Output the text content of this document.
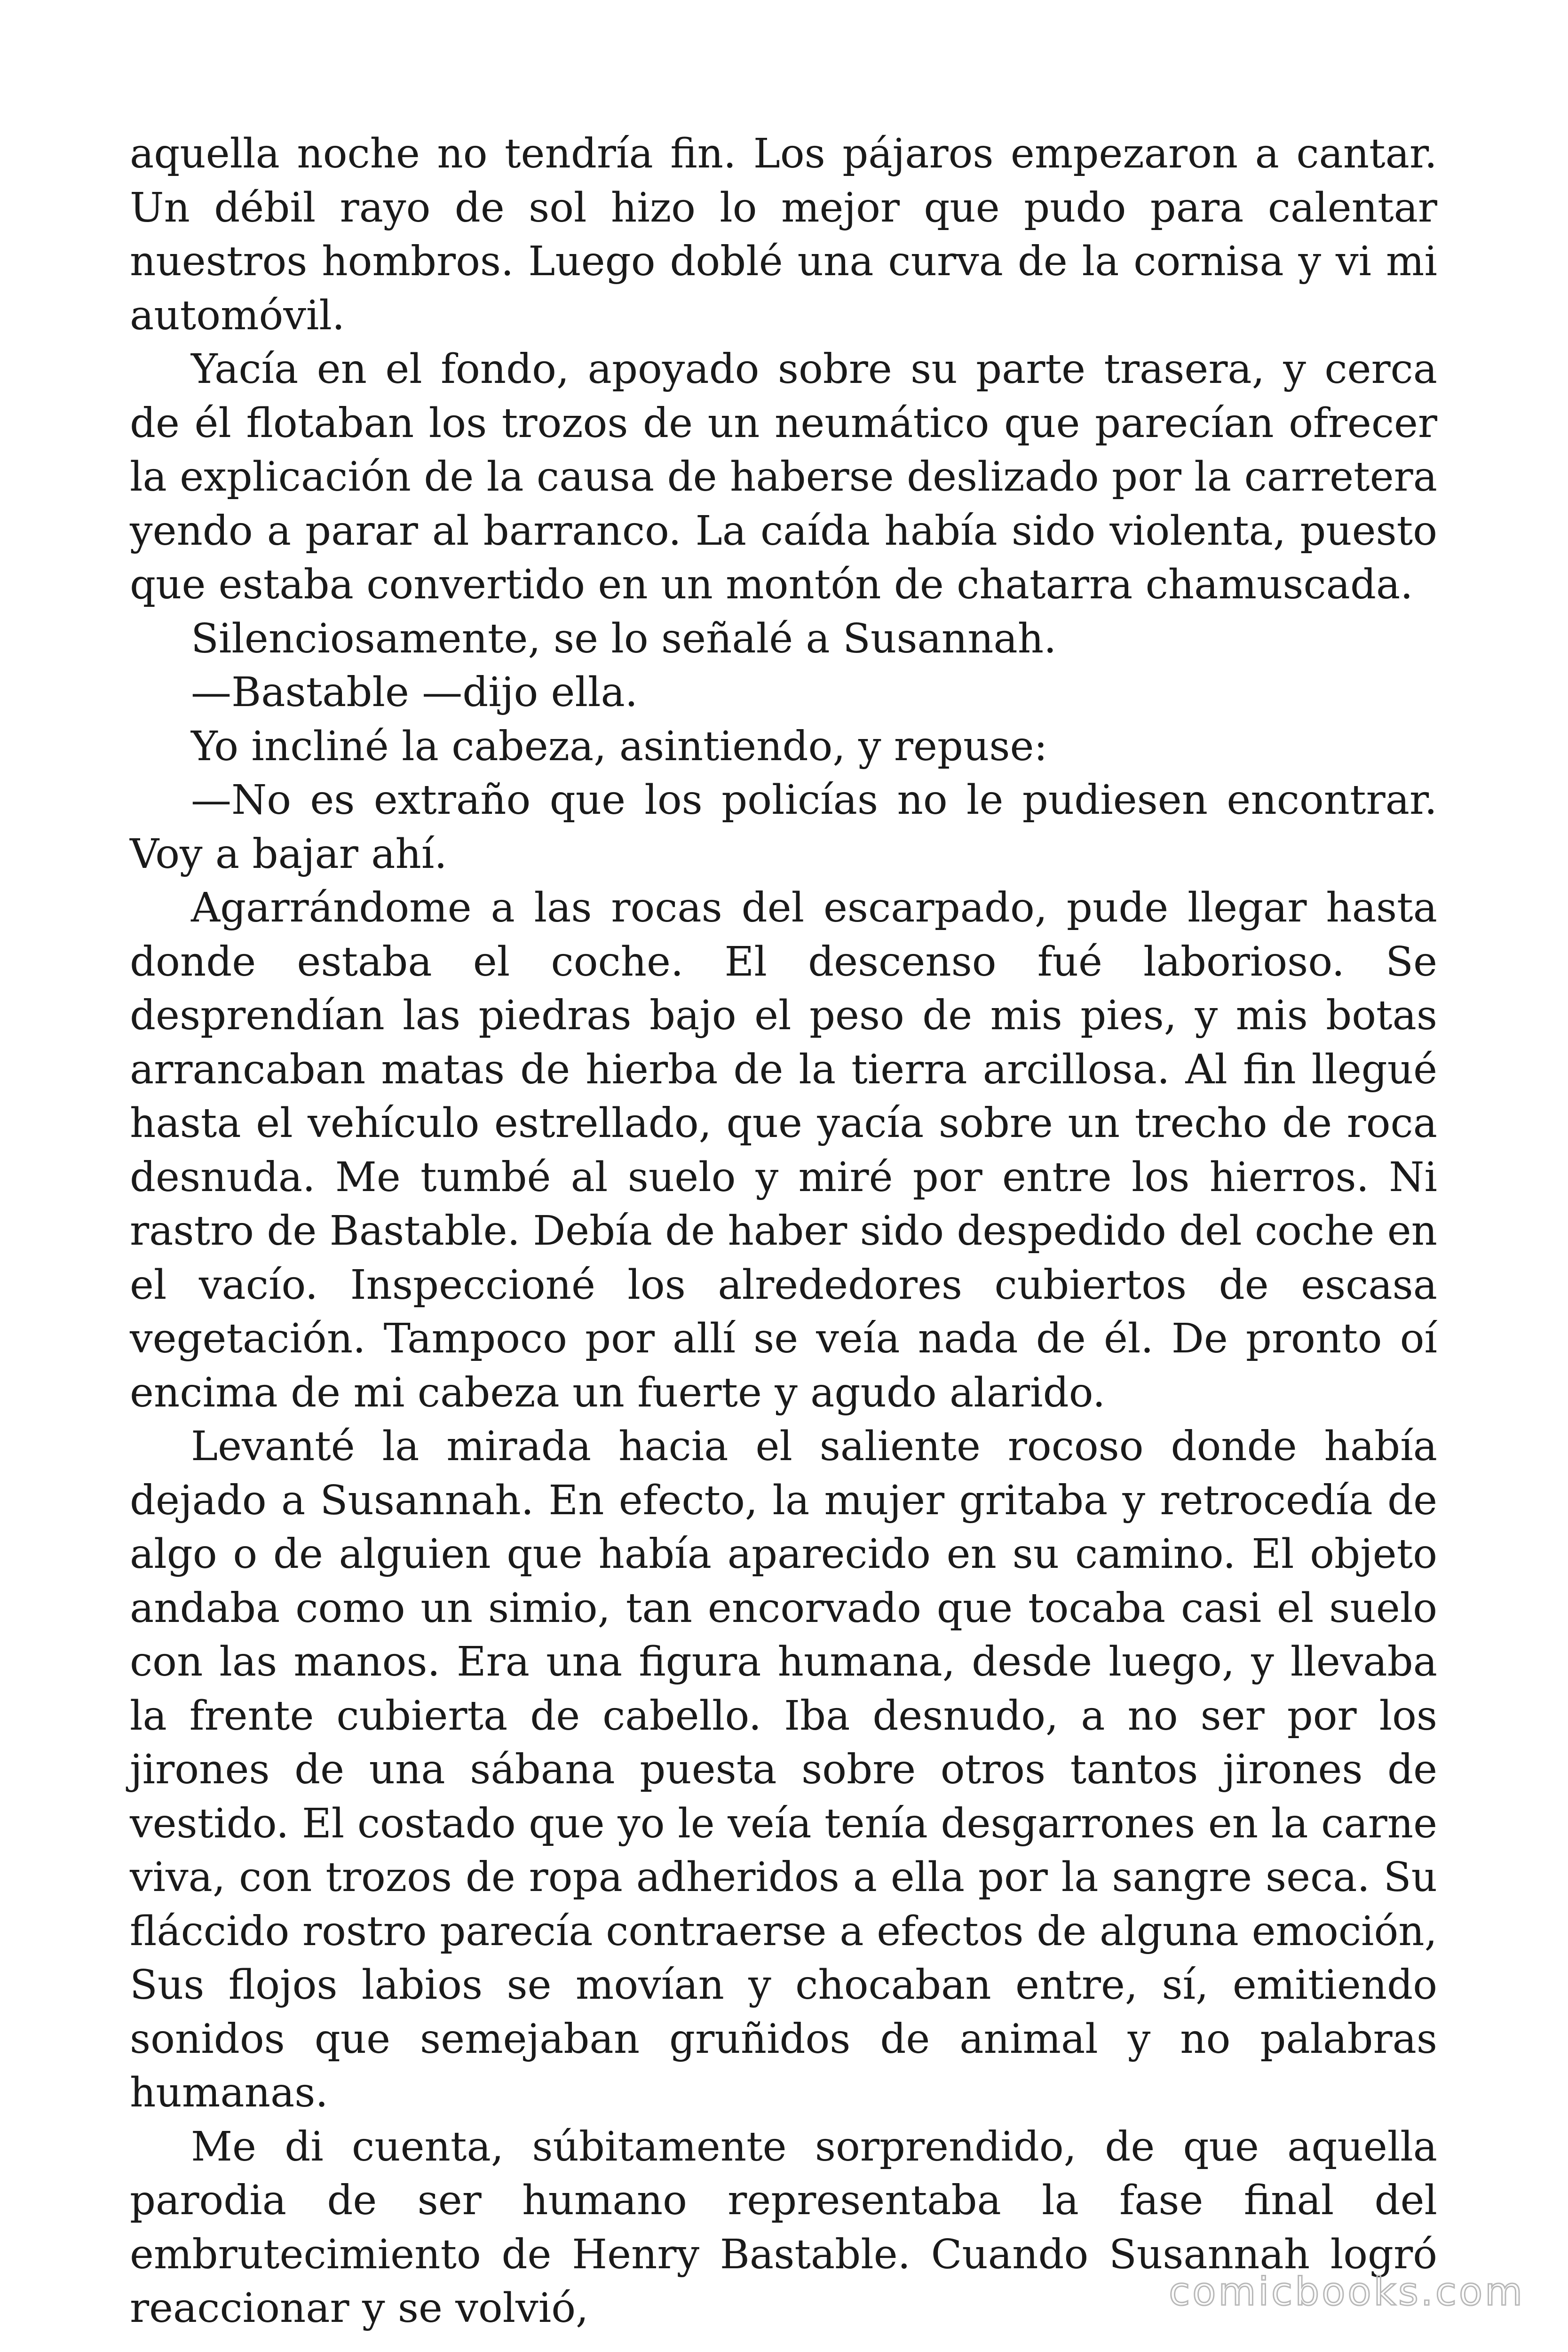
aquella noche no tendría fin. Los pájaros empezaron a cantar. Un débil rayo de sol hizo lo mejor que pudo para calentar nuestros hombros. Luego doblé una curva de la cornisa y vi mi automóvil.

Yacía en el fondo, apoyado sobre su parte trasera, y cerca de él flotaban los trozos de un neumático que parecían ofrecer la explicación de la causa de haberse deslizado por la carretera yendo a parar al barranco. La caída había sido violenta, puesto que estaba convertido en un montón de chatarra chamuscada.

Silenciosamente, se lo señalé a Susannah.

—Bastable —dijo ella.

Yo incliné la cabeza, asintiendo, y repuse:

—No es extraño que los policías no le pudiesen encontrar. Voy a bajar ahí.

Agarrándome a las rocas del escarpado, pude llegar hasta donde estaba el coche. El descenso fué laborioso. Se desprendían las piedras bajo el peso de mis pies, y mis botas arrancaban matas de hierba de la tierra arcillosa. Al fin llegué hasta el vehículo estrellado, que yacía sobre un trecho de roca desnuda. Me tumbé al suelo y miré por entre los hierros. Ni rastro de Bastable. Debía de haber sido despedido del coche en el vacío. Inspeccioné los alrededores cubiertos de escasa vegetación. Tampoco por allí se veía nada de él. De pronto oí encima de mi cabeza un fuerte y agudo alarido.

Levanté la mirada hacia el saliente rocoso donde había dejado a Susannah. En efecto, la mujer gritaba y retrocedía de algo o de alguien que había aparecido en su camino. El objeto andaba como un simio, tan encorvado que tocaba casi el suelo con las manos. Era una figura humana, desde luego, y llevaba la frente cubierta de cabello. Iba desnudo, a no ser por los jirones de una sábana puesta sobre otros tantos jirones de vestido. El costado que yo le veía tenía desgarrones en la carne viva, con trozos de ropa adheridos a ella por la sangre seca. Su fláccido rostro parecía contraerse a efectos de alguna emoción, Sus flojos labios se movían y chocaban entre, sí, emitiendo sonidos que semejaban gruñidos de animal y no palabras humanas.

Me di cuenta, súbitamente sorprendido, de que aquella parodia de ser humano representaba la fase final del embrutecimiento de Henry Bastable. Cuando Susannah logró reaccionar y se volvió,	comicbooks.com
